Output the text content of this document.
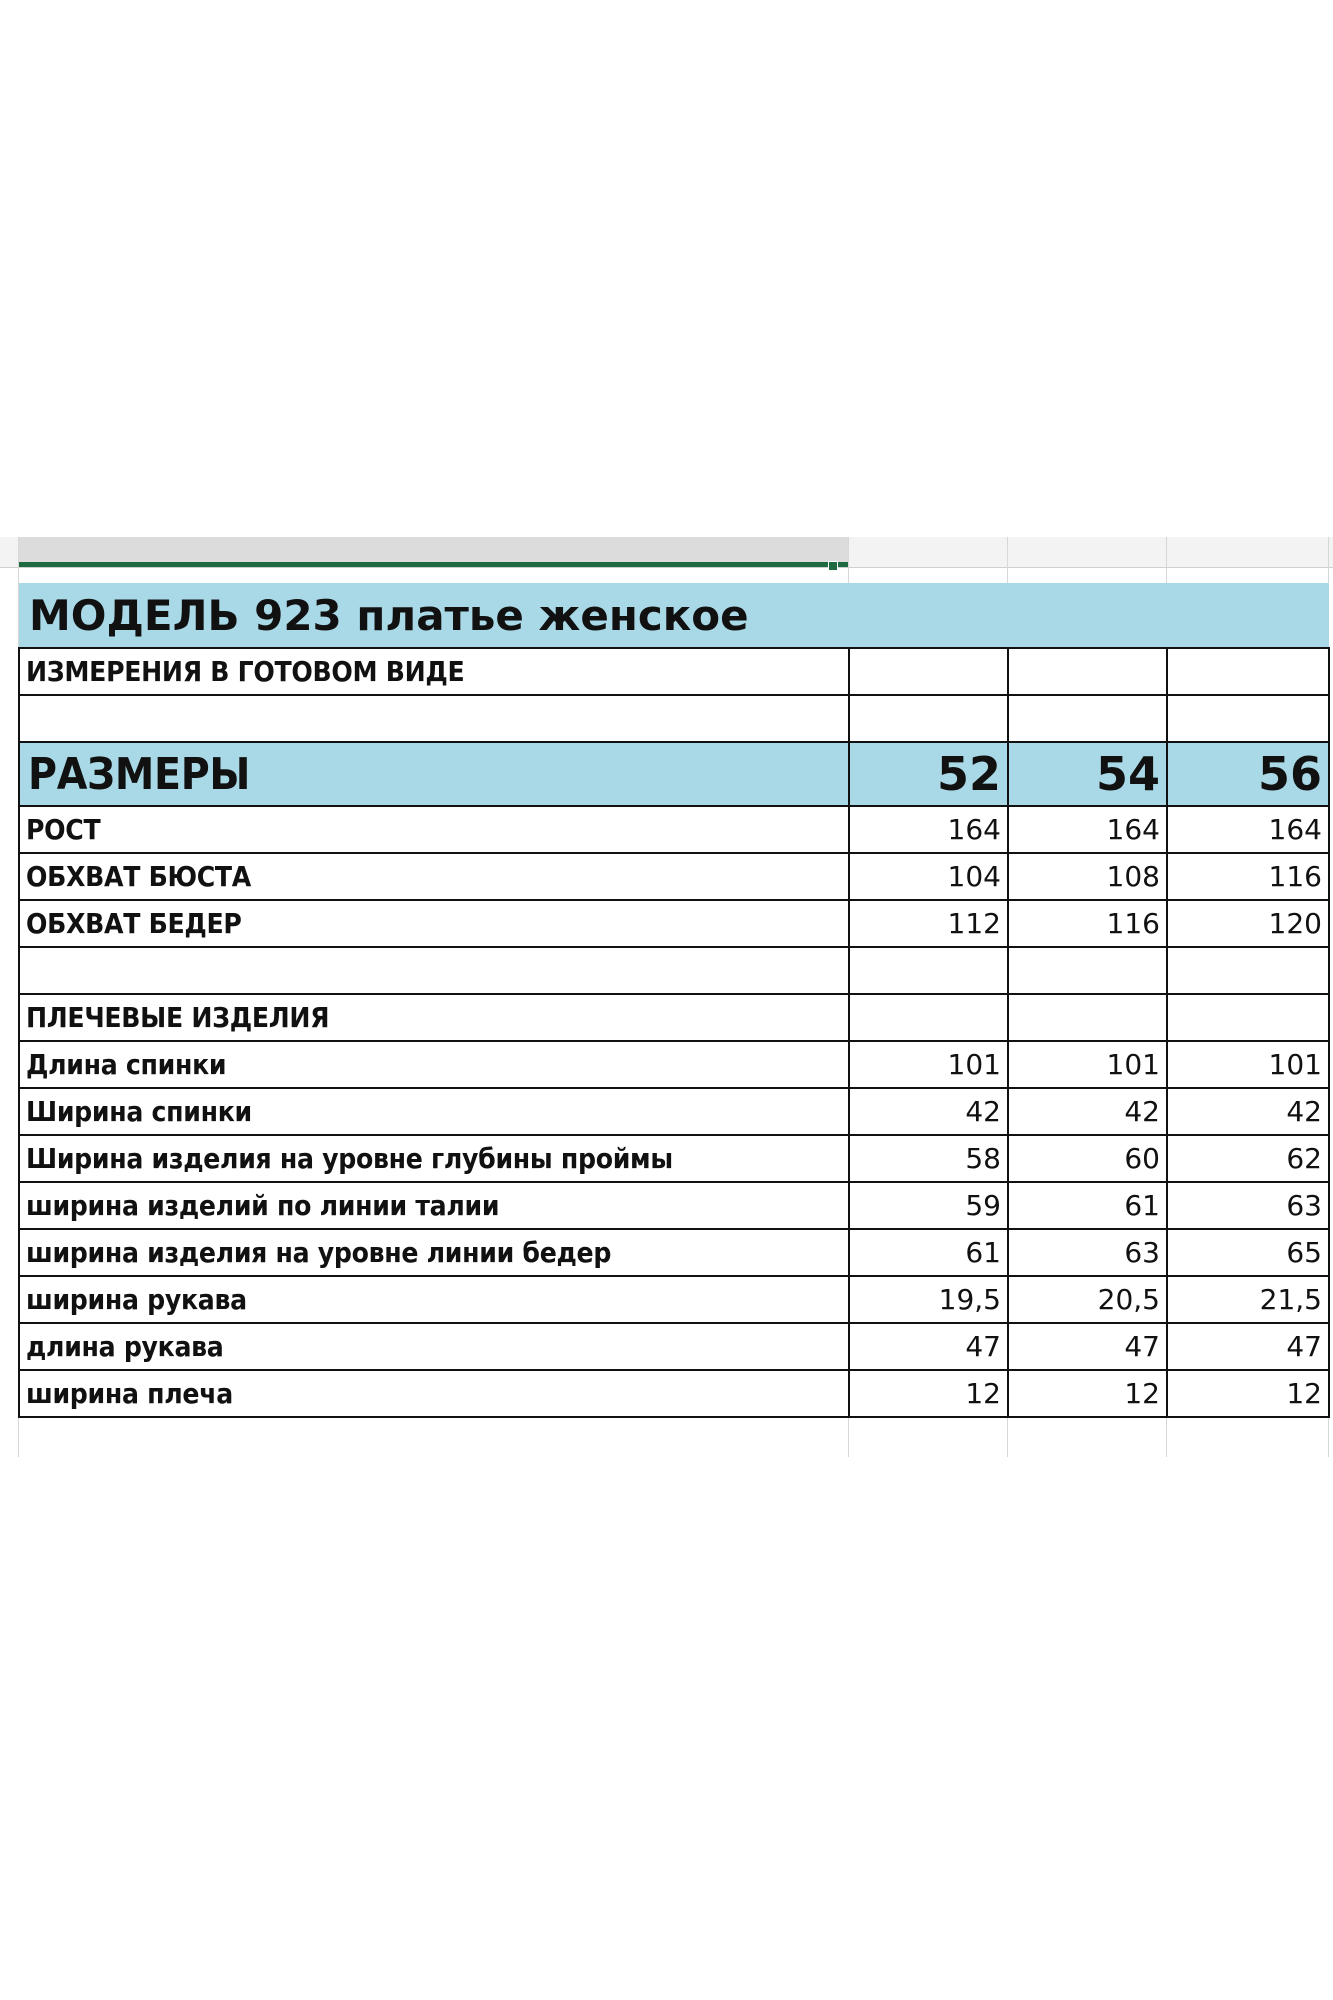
МОДЕЛЬ 923 платье женское			
ИЗМЕРЕНИЯ В ГОТОВОМ ВИДЕ			

РАЗМЕРЫ	52	54	56
РОСТ	164	164	164
ОБХВАТ БЮСТА	104	108	116
ОБХВАТ БЕДЕР	112	116	120

ПЛЕЧЕВЫЕ ИЗДЕЛИЯ			
Длина спинки	101	101	101
Ширина спинки	42	42	42
Ширина изделия на уровне глубины проймы	58	60	62
ширина изделий по линии талии	59	61	63
ширина изделия на уровне линии бедер	61	63	65
ширина рукава	19,5	20,5	21,5
длина рукава	47	47	47
ширина плеча	12	12	12
